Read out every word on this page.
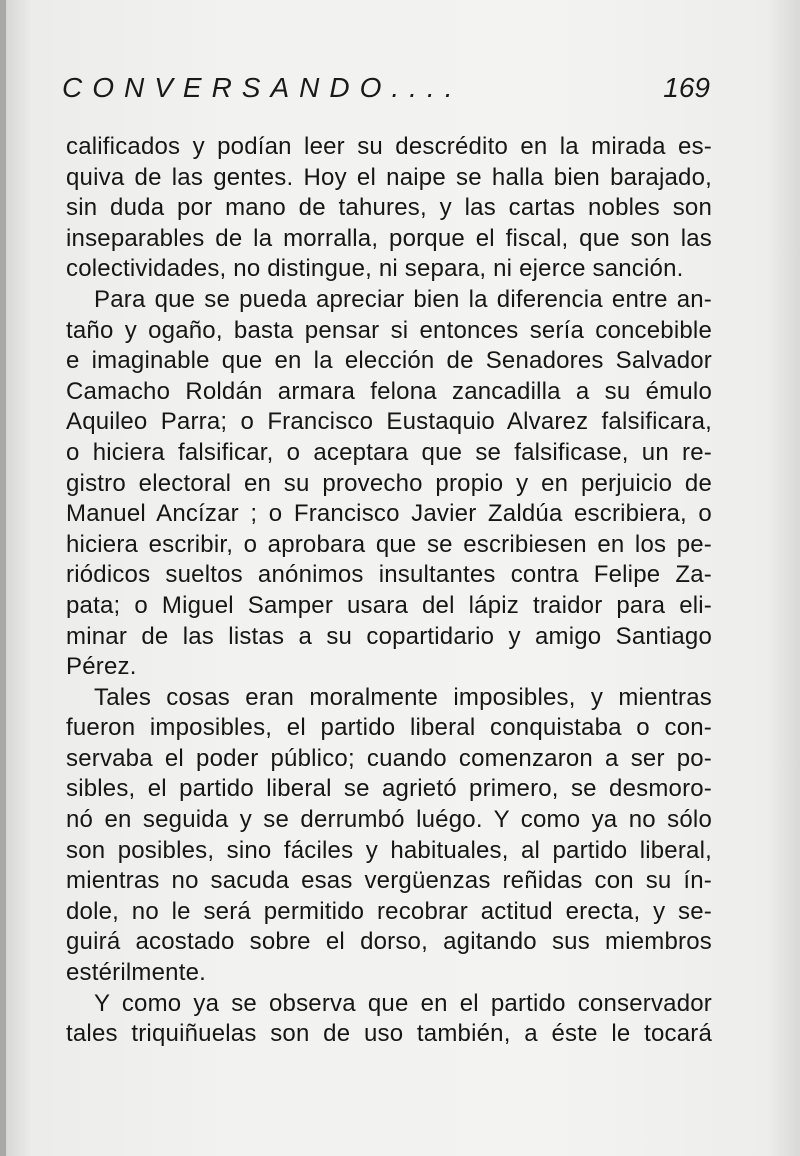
CONVERSANDO....	169
calificados y podían leer su descrédito en la mirada es-
quiva de las gentes. Hoy el naipe se halla bien barajado,
sin duda por mano de tahures, y las cartas nobles son
inseparables de la morralla, porque el fiscal, que son las
colectividades, no distingue, ni separa, ni ejerce sanción.
Para que se pueda apreciar bien la diferencia entre an-
taño y ogaño, basta pensar si entonces sería concebible
e imaginable que en la elección de Senadores Salvador
Camacho Roldán armara felona zancadilla a su émulo
Aquileo Parra; o Francisco Eustaquio Alvarez falsificara,
o hiciera falsificar, o aceptara que se falsificase, un re-
gistro electoral en su provecho propio y en perjuicio de
Manuel Ancízar ; o Francisco Javier Zaldúa escribiera, o
hiciera escribir, o aprobara que se escribiesen en los pe-
riódicos sueltos anónimos insultantes contra Felipe Za-
pata; o Miguel Samper usara del lápiz traidor para eli-
minar de las listas a su copartidario y amigo Santiago
Pérez.
Tales cosas eran moralmente imposibles, y mientras
fueron imposibles, el partido liberal conquistaba o con-
servaba el poder público; cuando comenzaron a ser po-
sibles, el partido liberal se agrietó primero, se desmoro-
nó en seguida y se derrumbó luégo. Y como ya no sólo
son posibles, sino fáciles y habituales, al partido liberal,
mientras no sacuda esas vergüenzas reñidas con su ín-
dole, no le será permitido recobrar actitud erecta, y se-
guirá acostado sobre el dorso, agitando sus miembros
estérilmente.
Y como ya se observa que en el partido conservador
tales triquiñuelas son de uso también, a éste le tocará
